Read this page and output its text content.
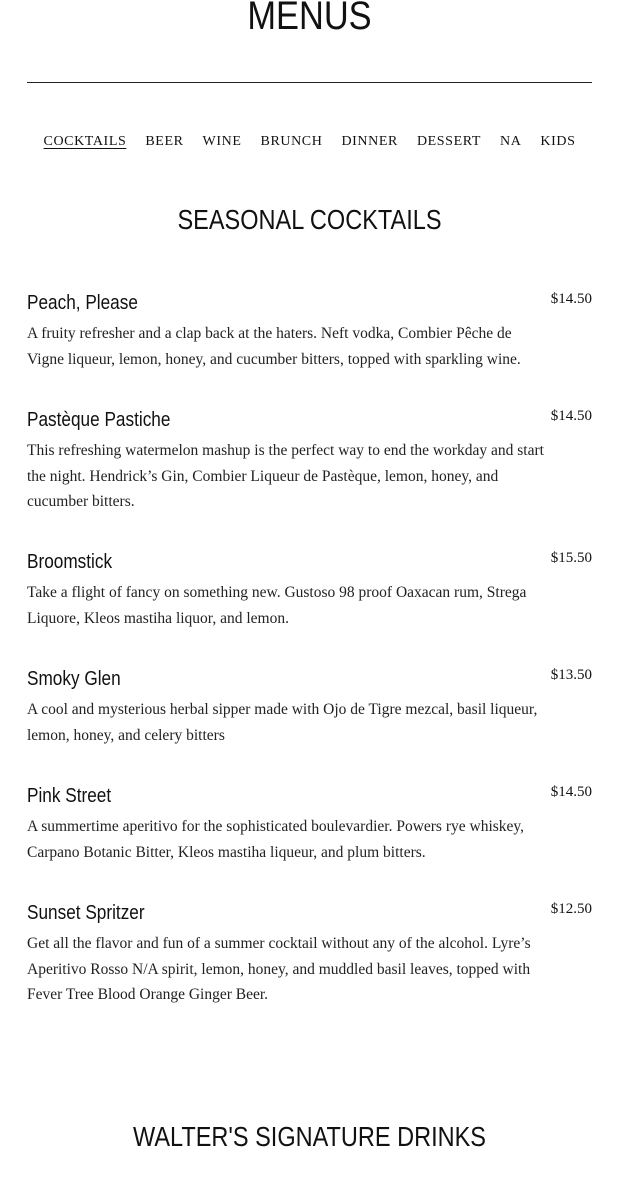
MENUS
COCKTAILS BEER WINE BRUNCH DINNER DESSERT NA KIDS
SEASONAL COCKTAILS
Peach, Please	$14.50

A fruity refresher and a clap back at the haters. Neft vodka, Combier Pêche de Vigne liqueur, lemon, honey, and cucumber bitters, topped with sparkling wine.

Pastèque Pastiche	$14.50

This refreshing watermelon mashup is the perfect way to end the workday and start the night. Hendrick’s Gin, Combier Liqueur de Pastèque, lemon, honey, and cucumber bitters.

Broomstick	$15.50

Take a flight of fancy on something new. Gustoso 98 proof Oaxacan rum, Strega Liquore, Kleos mastiha liquor, and lemon.

Smoky Glen	$13.50

A cool and mysterious herbal sipper made with Ojo de Tigre mezcal, basil liqueur, lemon, honey, and celery bitters

Pink Street	$14.50

A summertime aperitivo for the sophisticated boulevardier. Powers rye whiskey, Carpano Botanic Bitter, Kleos mastiha liqueur, and plum bitters.

Sunset Spritzer	$12.50

Get all the flavor and fun of a summer cocktail without any of the alcohol. Lyre’s Aperitivo Rosso N/A spirit, lemon, honey, and muddled basil leaves, topped with Fever Tree Blood Orange Ginger Beer.

WALTER'S SIGNATURE DRINKS
